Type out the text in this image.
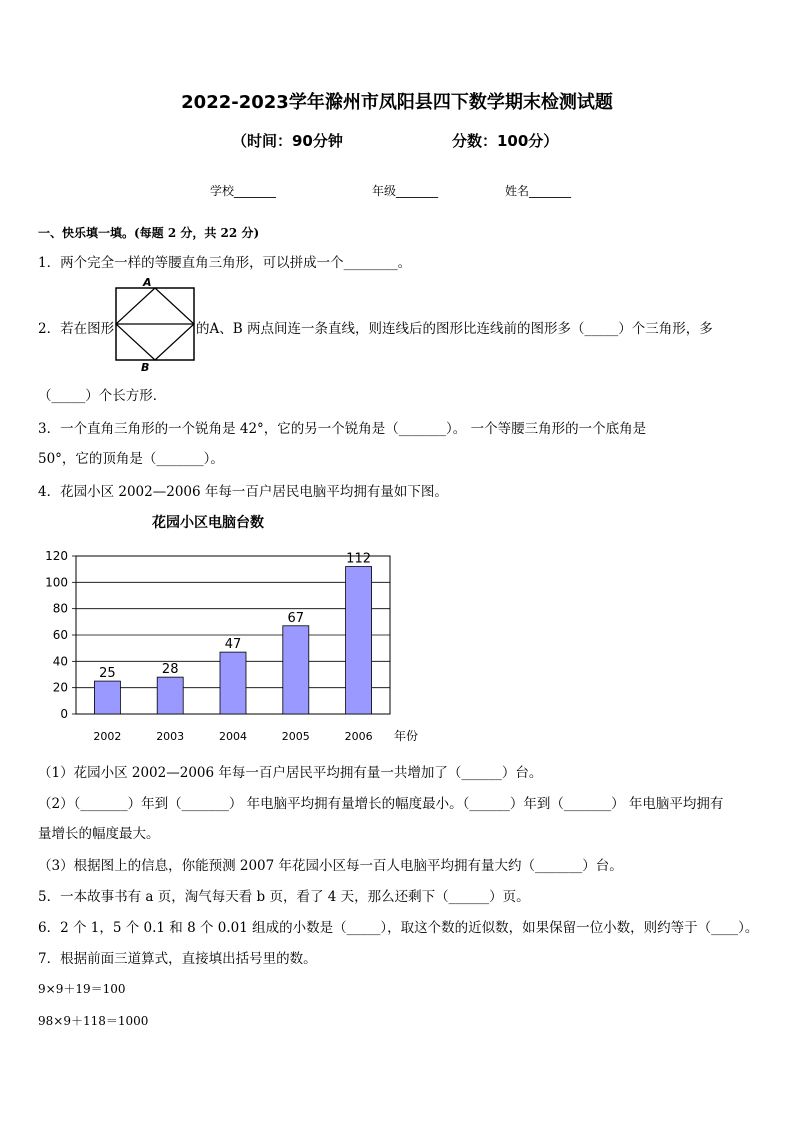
2022-2023学年滁州市凤阳县四下数学期末检测试题
（时间：90分钟	分数：100分）
学校_______	年级_______	姓名_______
一、快乐填一填。(每题 2 分，共 22 分)
1．两个完全一样的等腰直角三角形，可以拼成一个________。
2．若在图形
A
B
的A、B 两点间连一条直线，则连线后的图形比连线前的图形多（_____）个三角形，多
（_____）个长方形．
3．一个直角三角形的一个锐角是 42°，它的另一个锐角是（_______）。 一个等腰三角形的一个底角是
50°，它的顶角是（_______）。
4．花园小区 2002—2006 年每一百户居民电脑平均拥有量如下图。
花园小区电脑台数
0
20
40
60
80
100
120
25	28
47
67
112
2002	2003	2004	2005	2006 年份
（1）花园小区 2002—2006 年每一百户居民平均拥有量一共增加了（______）台。
（2）（_______）年到（_______） 年电脑平均拥有量增长的幅度最小。（______）年到（_______） 年电脑平均拥有
量增长的幅度最大。
（3）根据图上的信息，你能预测 2007 年花园小区每一百人电脑平均拥有量大约（_______）台。
5．一本故事书有 a 页，淘气每天看 b 页，看了 4 天，那么还剩下（______）页。
6．2 个 1，5 个 0.1 和 8 个 0.01 组成的小数是（_____），取这个数的近似数，如果保留一位小数，则约等于（____）。
7．根据前面三道算式，直接填出括号里的数。
9×9＋19＝100
98×9＋118＝1000
